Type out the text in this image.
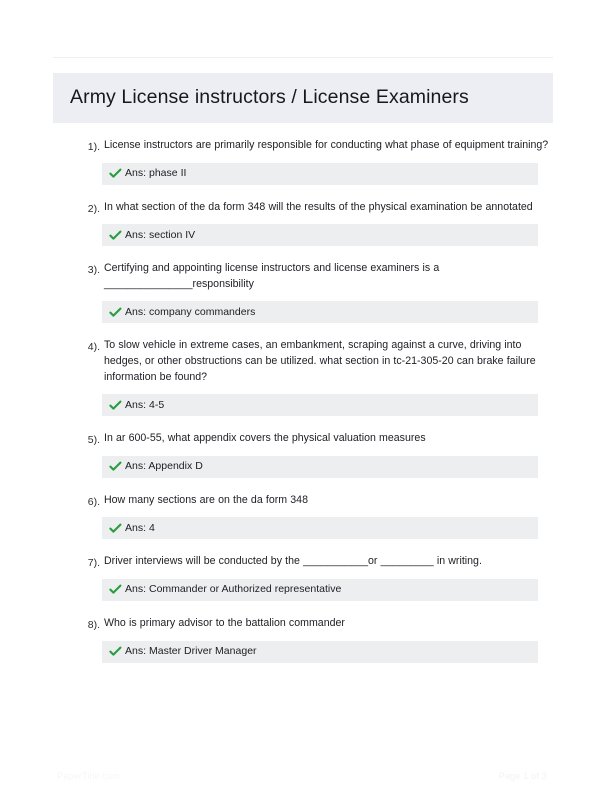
Army License instructors / License Examiners
1). License instructors are primarily responsible for conducting what phase of equipment training?

Ans: phase II
2). In what section of the da form 348 will the results of the physical examination be annotated

Ans: section IV
3). Certifying and appointing license instructors and license examiners is a _______________responsibility

Ans: company commanders
4). To slow vehicle in extreme cases, an embankment, scraping against a curve, driving into hedges, or other obstructions can be utilized. what section in tc-21-305-20 can brake failure information be found?

Ans: 4-5
5). In ar 600-55, what appendix covers the physical valuation measures

Ans: Appendix D
6). How many sections are on the da form 348

Ans: 4
7). Driver interviews will be conducted by the ___________or _________ in writing.

Ans: Commander or Authorized representative
8). Who is primary advisor to the battalion commander

Ans: Master Driver Manager
PaperTitle.com	Page 1 of 3
